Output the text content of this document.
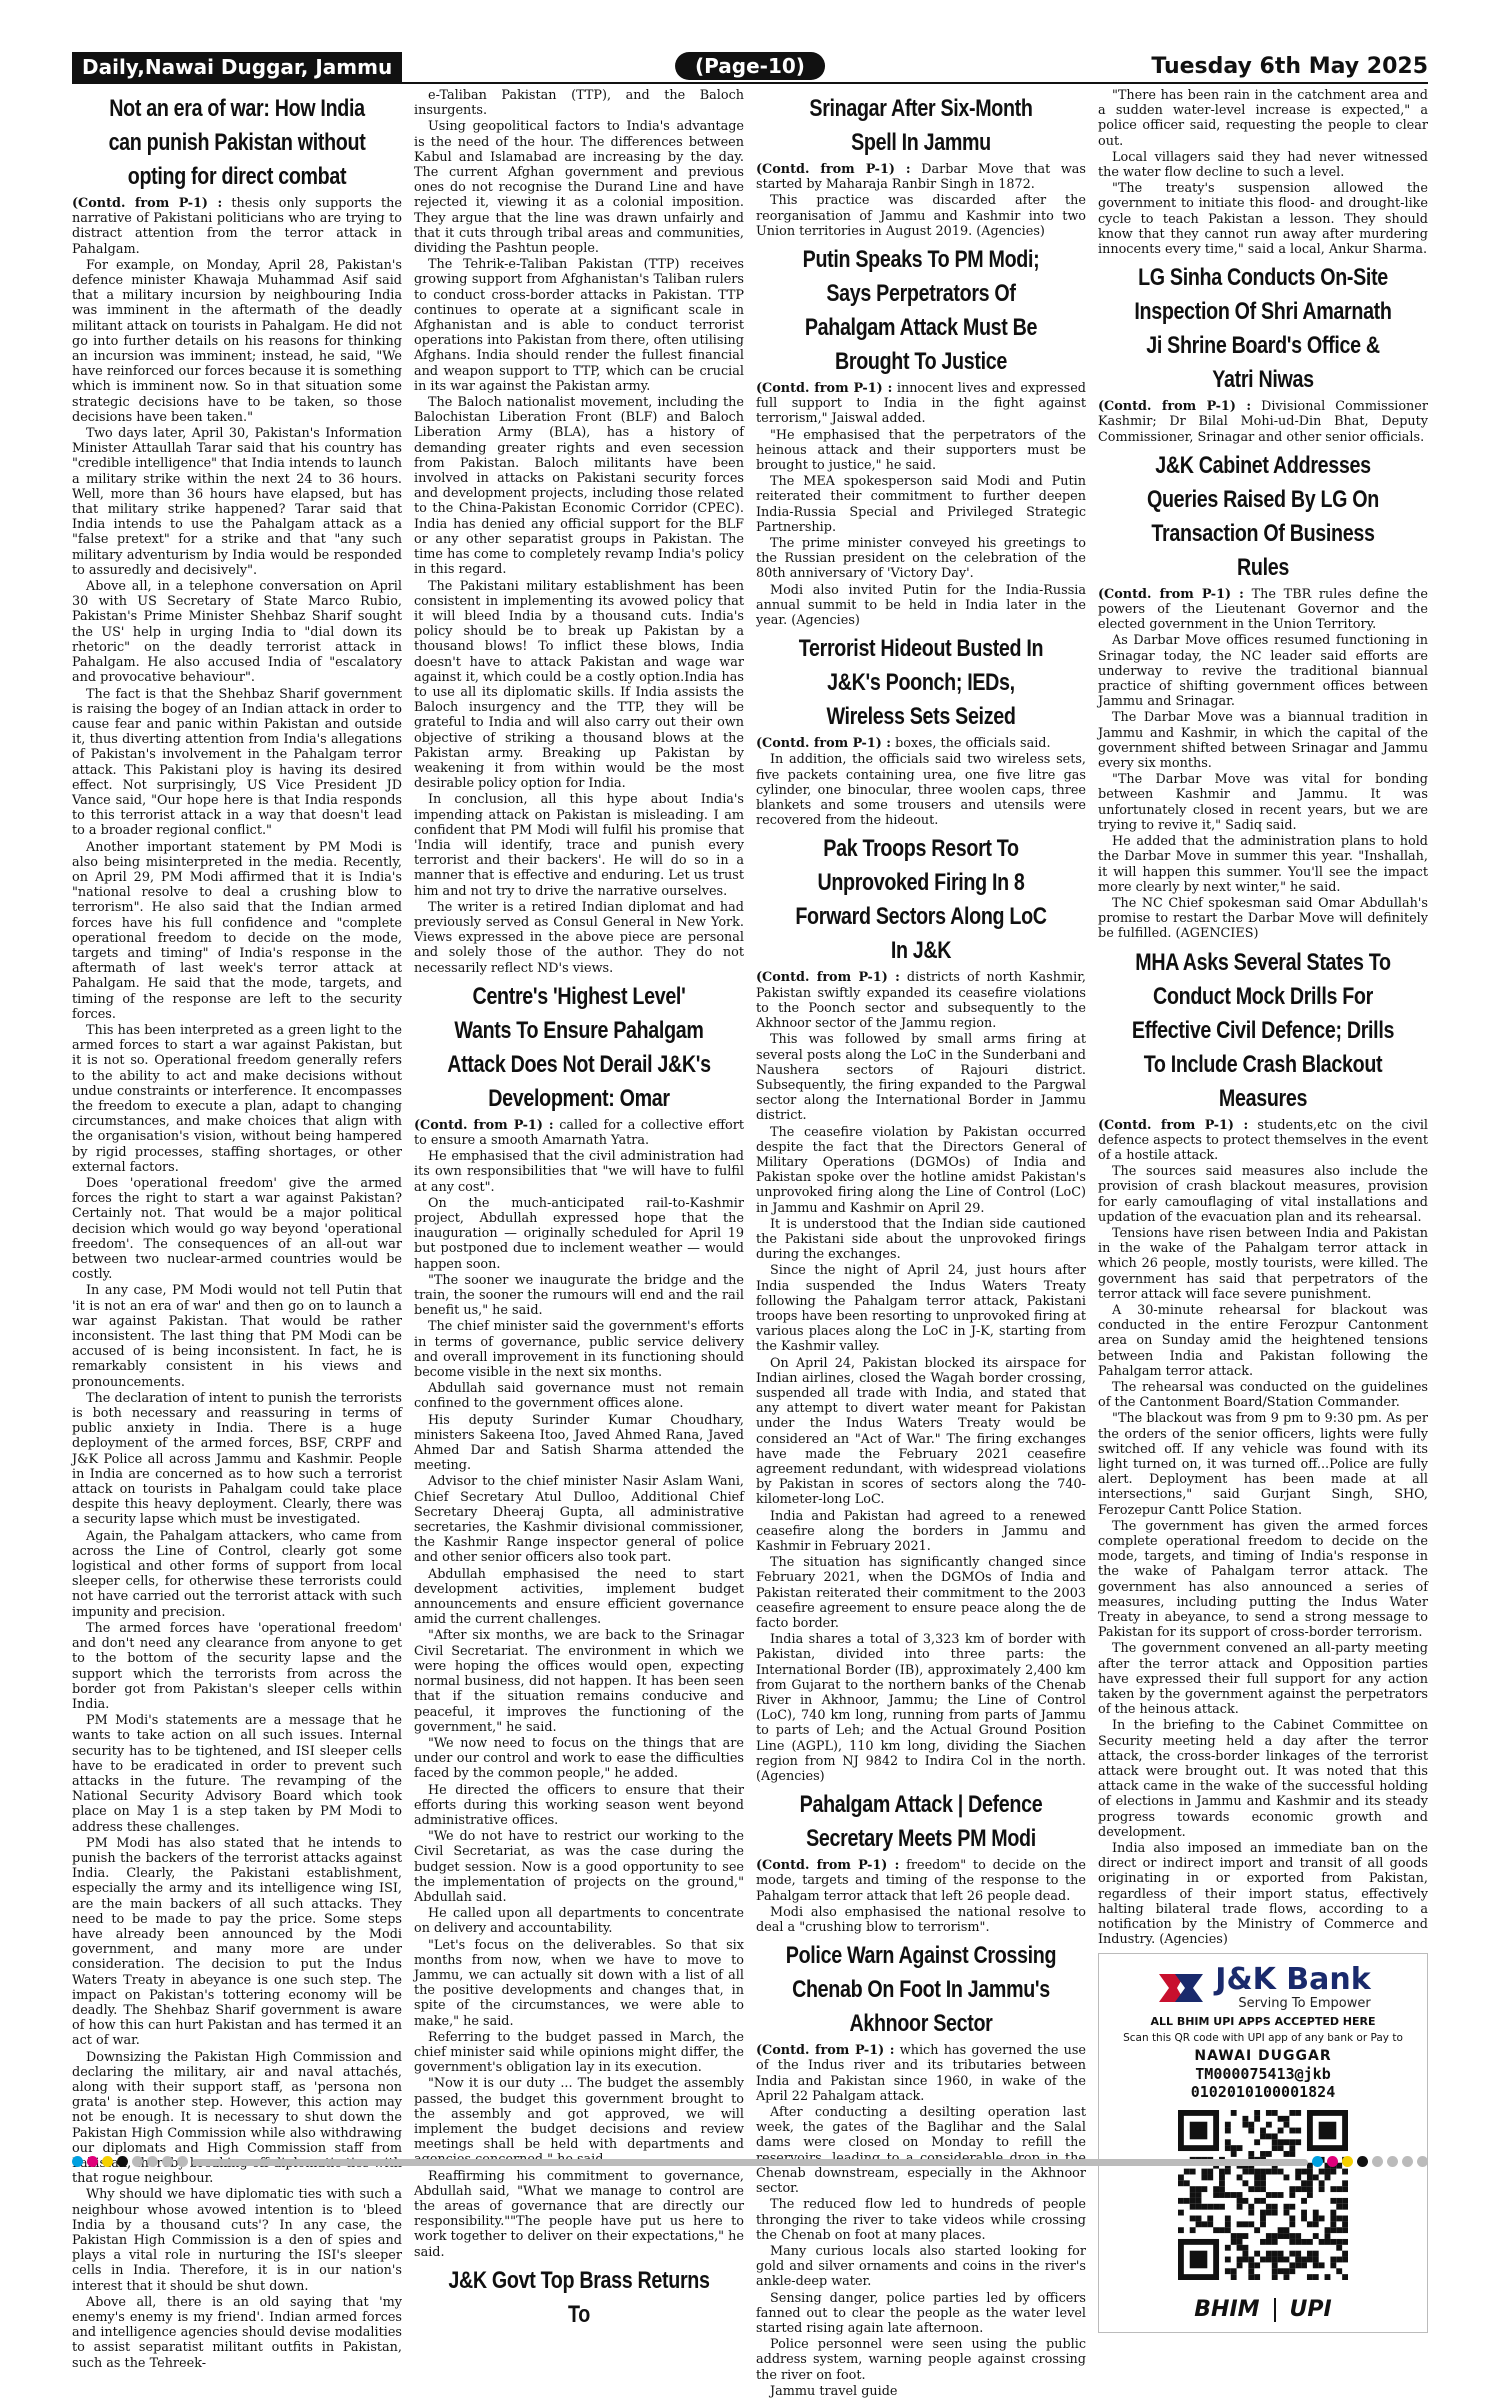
Daily,Nawai Duggar, Jammu	(Page-10)	Tuesday 6th May 2025
Not an era of war: How India can punish Pakistan without opting for direct combat

(Contd. from P-1) : thesis only supports the narrative of Pakistani politicians who are trying to distract attention from the terror attack in Pahalgam.

For example, on Monday, April 28, Pakistan's defence minister Khawaja Muhammad Asif said that a military incursion by neighbouring India was imminent in the aftermath of the deadly militant attack on tourists in Pahalgam. He did not go into further details on his reasons for thinking an incursion was imminent; instead, he said, "We have reinforced our forces because it is something which is imminent now. So in that situation some strategic decisions have to be taken, so those decisions have been taken."

Two days later, April 30, Pakistan's Information Minister Attaullah Tarar said that his country has "credible intelligence" that India intends to launch a military strike within the next 24 to 36 hours. Well, more than 36 hours have elapsed, but has that military strike happened? Tarar said that India intends to use the Pahalgam attack as a "false pretext" for a strike and that "any such military adventurism by India would be responded to assuredly and decisively".

Above all, in a telephone conversation on April 30 with US Secretary of State Marco Rubio, Pakistan's Prime Minister Shehbaz Sharif sought the US' help in urging India to "dial down its rhetoric" on the deadly terrorist attack in Pahalgam. He also accused India of "escalatory and provocative behaviour".

The fact is that the Shehbaz Sharif government is raising the bogey of an Indian attack in order to cause fear and panic within Pakistan and outside it, thus diverting attention from India's allegations of Pakistan's involvement in the Pahalgam terror attack. This Pakistani ploy is having its desired effect. Not surprisingly, US Vice President JD Vance said, "Our hope here is that India responds to this terrorist attack in a way that doesn't lead to a broader regional conflict."

Another important statement by PM Modi is also being misinterpreted in the media. Recently, on April 29, PM Modi affirmed that it is India's "national resolve to deal a crushing blow to terrorism". He also said that the Indian armed forces have his full confidence and "complete operational freedom to decide on the mode, targets and timing" of India's response in the aftermath of last week's terror attack at Pahalgam. He said that the mode, targets, and timing of the response are left to the security forces.

This has been interpreted as a green light to the armed forces to start a war against Pakistan, but it is not so. Operational freedom generally refers to the ability to act and make decisions without undue constraints or interference. It encompasses the freedom to execute a plan, adapt to changing circumstances, and make choices that align with the organisation's vision, without being hampered by rigid processes, staffing shortages, or other external factors.

Does 'operational freedom' give the armed forces the right to start a war against Pakistan? Certainly not. That would be a major political decision which would go way beyond 'operational freedom'. The consequences of an all-out war between two nuclear-armed countries would be costly.

In any case, PM Modi would not tell Putin that 'it is not an era of war' and then go on to launch a war against Pakistan. That would be rather inconsistent. The last thing that PM Modi can be accused of is being inconsistent. In fact, he is remarkably consistent in his views and pronouncements.

The declaration of intent to punish the terrorists is both necessary and reassuring in terms of public anxiety in India. There is a huge deployment of the armed forces, BSF, CRPF and J&K Police all across Jammu and Kashmir. People in India are concerned as to how such a terrorist attack on tourists in Pahalgam could take place despite this heavy deployment. Clearly, there was a security lapse which must be investigated.

Again, the Pahalgam attackers, who came from across the Line of Control, clearly got some logistical and other forms of support from local sleeper cells, for otherwise these terrorists could not have carried out the terrorist attack with such impunity and precision.

The armed forces have 'operational freedom' and don't need any clearance from anyone to get to the bottom of the security lapse and the support which the terrorists from across the border got from Pakistan's sleeper cells within India.

PM Modi's statements are a message that he wants to take action on all such issues. Internal security has to be tightened, and ISI sleeper cells have to be eradicated in order to prevent such attacks in the future. The revamping of the National Security Advisory Board which took place on May 1 is a step taken by PM Modi to address these challenges.

PM Modi has also stated that he intends to punish the backers of the terrorist attacks against India. Clearly, the Pakistani establishment, especially the army and its intelligence wing ISI, are the main backers of all such attacks. They need to be made to pay the price. Some steps have already been announced by the Modi government, and many more are under consideration. The decision to put the Indus Waters Treaty in abeyance is one such step. The impact on Pakistan's tottering economy will be deadly. The Shehbaz Sharif government is aware of how this can hurt Pakistan and has termed it an act of war.

Downsizing the Pakistan High Commission and declaring the military, air and naval attachés, along with their support staff, as 'persona non grata' is another step. However, this action may not be enough. It is necessary to shut down the Pakistan High Commission while also withdrawing our diplomats and High Commission staff from thereby that rogue neighbour.

Why should we have diplomatic ties with such a neighbour whose avowed intention is to 'bleed India by a thousand cuts'? In any case, the Pakistan High Commission is a den of spies and plays a vital role in nurturing the ISI's sleeper cells in India. Therefore, it is in our nation's interest that it should be shut down.

Above all, there is an old saying that 'my enemy's enemy is my friend'. Indian armed forces and intelligence agencies should devise modalities to assist separatist militant outfits in Pakistan, such as the Tehreek-

e-Taliban Pakistan (TTP), and the Baloch insurgents.

Using geopolitical factors to India's advantage is the need of the hour. The differences between Kabul and Islamabad are increasing by the day. The current Afghan government and previous ones do not recognise the Durand Line and have rejected it, viewing it as a colonial imposition. They argue that the line was drawn unfairly and that it cuts through tribal areas and communities, dividing the Pashtun people.

The Tehrik-e-Taliban Pakistan (TTP) receives growing support from Afghanistan's Taliban rulers to conduct cross-border attacks in Pakistan. TTP continues to operate at a significant scale in Afghanistan and is able to conduct terrorist operations into Pakistan from there, often utilising Afghans. India should render the fullest financial and weapon support to TTP, which can be crucial in its war against the Pakistan army.

The Baloch nationalist movement, including the Balochistan Liberation Front (BLF) and Baloch Liberation Army (BLA), has a history of demanding greater rights and even secession from Pakistan. Baloch militants have been involved in attacks on Pakistani security forces and development projects, including those related to the China-Pakistan Economic Corridor (CPEC). India has denied any official support for the BLF or any other separatist groups in Pakistan. The time has come to completely revamp India's policy in this regard.

The Pakistani military establishment has been consistent in implementing its avowed policy that it will bleed India by a thousand cuts. India's policy should be to break up Pakistan by a thousand blows! To inflict these blows, India doesn't have to attack Pakistan and wage war against it, which could be a costly option.India has to use all its diplomatic skills. If India assists the Baloch insurgency and the TTP, they will be grateful to India and will also carry out their own objective of striking a thousand blows at the Pakistan army. Breaking up Pakistan by weakening it from within would be the most desirable policy option for India.

In conclusion, all this hype about India's impending attack on Pakistan is misleading. I am confident that PM Modi will fulfil his promise that 'India will identify, trace and punish every terrorist and their backers'. He will do so in a manner that is effective and enduring. Let us trust him and not try to drive the narrative ourselves.

The writer is a retired Indian diplomat and had previously served as Consul General in New York. Views expressed in the above piece are personal and solely those of the author. They do not necessarily reflect ND's views.

Centre's 'Highest Level' Wants To Ensure Pahalgam Attack Does Not Derail J&K's Development: Omar

(Contd. from P-1) : called for a collective effort to ensure a smooth Amarnath Yatra.

He emphasised that the civil administration had its own responsibilities that "we will have to fulfil at any cost".

On the much-anticipated rail-to-Kashmir project, Abdullah expressed hope that the inauguration — originally scheduled for April 19 but postponed due to inclement weather — would happen soon.

"The sooner we inaugurate the bridge and the train, the sooner the rumours will end and the rail benefit us," he said.

The chief minister said the government's efforts in terms of governance, public service delivery and overall improvement in its functioning should become visible in the next six months.

Abdullah said governance must not remain confined to the government offices alone.

His deputy Surinder Kumar Choudhary, ministers Sakeena Itoo, Javed Ahmed Rana, Javed Ahmed Dar and Satish Sharma attended the meeting.

Advisor to the chief minister Nasir Aslam Wani, Chief Secretary Atul Dulloo, Additional Chief Secretary Dheeraj Gupta, all administrative secretaries, the Kashmir divisional commissioner, the Kashmir Range inspector general of police and other senior officers also took part.

Abdullah emphasised the need to start development activities, implement budget announcements and ensure efficient governance amid the current challenges.

"After six months, we are back to the Srinagar Civil Secretariat. The environment in which we were hoping the offices would open, expecting normal business, did not happen. It has been seen that if the situation remains conducive and peaceful, it improves the functioning of the government," he said.

"We now need to focus on the things that are under our control and work to ease the difficulties faced by the common people," he added.

He directed the officers to ensure that their efforts during this working season went beyond administrative offices.

"We do not have to restrict our working to the Civil Secretariat, as was the case during the budget session. Now is a good opportunity to see the implementation of projects on the ground," Abdullah said.

He called upon all departments to concentrate on delivery and accountability.

"Let's focus on the deliverables. So that six months from now, when we have to move to Jammu, we can actually sit down with a list of all the positive developments and changes that, in spite of the circumstances, we were able to make," he said.

Referring to the budget passed in March, the chief minister said while opinions might differ, the government's obligation lay in its execution.

"Now it is our duty ... The budget the assembly passed, the budget this government brought to the assembly and got approved, we will implement the budget decisions and review meetings shall be held with departments and

Reaffirming his commitment to governance, Abdullah said, "What we manage to control are the areas of governance that are directly our responsibility.""The people have put us here to work together to deliver on their expectations," he said.

J&K Govt Top Brass Returns To
Srinagar After Six-Month Spell In Jammu

(Contd. from P-1) : Darbar Move that was started by Maharaja Ranbir Singh in 1872.

This practice was discarded after the reorganisation of Jammu and Kashmir into two Union territories in August 2019. (Agencies)

Putin Speaks To PM Modi; Says Perpetrators Of Pahalgam Attack Must Be Brought To Justice

(Contd. from P-1) : innocent lives and expressed full support to India in the fight against terrorism," Jaiswal added.

"He emphasised that the perpetrators of the heinous attack and their supporters must be brought to justice," he said.

The MEA spokesperson said Modi and Putin reiterated their commitment to further deepen India-Russia Special and Privileged Strategic Partnership.

The prime minister conveyed his greetings to the Russian president on the celebration of the 80th anniversary of 'Victory Day'.

Modi also invited Putin for the India-Russia annual summit to be held in India later in the year. (Agencies)

Terrorist Hideout Busted In J&K's Poonch; IEDs, Wireless Sets Seized

(Contd. from P-1) : boxes, the officials said.

In addition, the officials said two wireless sets, five packets containing urea, one five litre gas cylinder, one binocular, three woolen caps, three blankets and some trousers and utensils were recovered from the hideout.

Pak Troops Resort To Unprovoked Firing In 8 Forward Sectors Along LoC In J&K

(Contd. from P-1) : districts of north Kashmir, Pakistan swiftly expanded its ceasefire violations to the Poonch sector and subsequently to the Akhnoor sector of the Jammu region.

This was followed by small arms firing at several posts along the LoC in the Sunderbani and Naushera sectors of Rajouri district. Subsequently, the firing expanded to the Pargwal sector along the International Border in Jammu district.

The ceasefire violation by Pakistan occurred despite the fact that the Directors General of Military Operations (DGMOs) of India and Pakistan spoke over the hotline amidst Pakistan's unprovoked firing along the Line of Control (LoC) in Jammu and Kashmir on April 29.

It is understood that the Indian side cautioned the Pakistani side about the unprovoked firings during the exchanges.

Since the night of April 24, just hours after India suspended the Indus Waters Treaty following the Pahalgam terror attack, Pakistani troops have been resorting to unprovoked firing at various places along the LoC in J-K, starting from the Kashmir valley.

On April 24, Pakistan blocked its airspace for Indian airlines, closed the Wagah border crossing, suspended all trade with India, and stated that any attempt to divert water meant for Pakistan under the Indus Waters Treaty would be considered an "Act of War." The firing exchanges have made the February 2021 ceasefire agreement redundant, with widespread violations by Pakistan in scores of sectors along the 740-kilometer-long LoC.

India and Pakistan had agreed to a renewed ceasefire along the borders in Jammu and Kashmir in February 2021.

The situation has significantly changed since February 2021, when the DGMOs of India and Pakistan reiterated their commitment to the 2003 ceasefire agreement to ensure peace along the de facto border.

India shares a total of 3,323 km of border with Pakistan, divided into three parts: the International Border (IB), approximately 2,400 km from Gujarat to the northern banks of the Chenab River in Akhnoor, Jammu; the Line of Control (LoC), 740 km long, running from parts of Jammu to parts of Leh; and the Actual Ground Position Line (AGPL), 110 km long, dividing the Siachen region from NJ 9842 to Indira Col in the north. (Agencies)

Pahalgam Attack | Defence Secretary Meets PM Modi

(Contd. from P-1) : freedom" to decide on the mode, targets and timing of the response to the Pahalgam terror attack that left 26 people dead.

Modi also emphasised the national resolve to deal a "crushing blow to terrorism".

Police Warn Against Crossing Chenab On Foot In Jammu's Akhnoor Sector

(Contd. from P-1) : which has governed the use of the Indus river and its tributaries between India and Pakistan since 1960, in wake of the April 22 Pahalgam attack.

After conducting a desilting operation last week, the gates of the Baglihar and the Salal dams were closed on Monday to refill the Chenab downstream, especially in the Akhnoor sector.

The reduced flow led to hundreds of people thronging the river to take videos while crossing the Chenab on foot at many places.

Many curious locals also started looking for gold and silver ornaments and coins in the river's ankle-deep water.

Sensing danger, police parties led by officers fanned out to clear the people as the water level started rising again late afternoon.

Police personnel were seen using the public address system, warning people against crossing the river on foot.

Jammu travel guide

"There has been rain in the catchment area and a sudden water-level increase is expected," a police officer said, requesting the people to clear out.

Local villagers said they had never witnessed the water flow decline to such a level.

"The treaty's suspension allowed the government to initiate this flood- and drought-like cycle to teach Pakistan a lesson. They should know that they cannot run away after murdering innocents every time," said a local, Ankur Sharma.

LG Sinha Conducts On-Site Inspection Of Shri Amarnath Ji Shrine Board's Office & Yatri Niwas

(Contd. from P-1) : Divisional Commissioner Kashmir; Dr Bilal Mohi-ud-Din Bhat, Deputy Commissioner, Srinagar and other senior officials.

J&K Cabinet Addresses Queries Raised By LG On Transaction Of Business Rules

(Contd. from P-1) : The TBR rules define the powers of the Lieutenant Governor and the elected government in the Union Territory.

As Darbar Move offices resumed functioning in Srinagar today, the NC leader said efforts are underway to revive the traditional biannual practice of shifting government offices between Jammu and Srinagar.

The Darbar Move was a biannual tradition in Jammu and Kashmir, in which the capital of the government shifted between Srinagar and Jammu every six months.

"The Darbar Move was vital for bonding between Kashmir and Jammu. It was unfortunately closed in recent years, but we are trying to revive it," Sadiq said.

He added that the administration plans to hold the Darbar Move in summer this year. "Inshallah, it will happen this summer. You'll see the impact more clearly by next winter," he said.

The NC Chief spokesman said Omar Abdullah's promise to restart the Darbar Move will definitely be fulfilled. (AGENCIES)

MHA Asks Several States To Conduct Mock Drills For Effective Civil Defence; Drills To Include Crash Blackout Measures

(Contd. from P-1) : students,etc on the civil defence aspects to protect themselves in the event of a hostile attack.

The sources said measures also include the provision of crash blackout measures, provision for early camouflaging of vital installations and updation of the evacuation plan and its rehearsal.

Tensions have risen between India and Pakistan in the wake of the Pahalgam terror attack in which 26 people, mostly tourists, were killed. The government has said that perpetrators of the terror attack will face severe punishment.

A 30-minute rehearsal for blackout was conducted in the entire Ferozpur Cantonment area on Sunday amid the heightened tensions between India and Pakistan following the Pahalgam terror attack.

The rehearsal was conducted on the guidelines of the Cantonment Board/Station Commander.

"The blackout was from 9 pm to 9:30 pm. As per the orders of the senior officers, lights were fully switched off. If any vehicle was found with its light turned on, it was turned off...Police are fully alert. Deployment has been made at all intersections," said Gurjant Singh, SHO, Ferozepur Cantt Police Station.

The government has given the armed forces complete operational freedom to decide on the mode, targets, and timing of India's response in the wake of Pahalgam terror attack. The government has also announced a series of measures, including putting the Indus Water Treaty in abeyance, to send a strong message to Pakistan for its support of cross-border terrorism.

The government convened an all-party meeting after the terror attack and Opposition parties have expressed their full support for any action taken by the government against the perpetrators of the heinous attack.

In the briefing to the Cabinet Committee on Security meeting held a day after the terror attack, the cross-border linkages of the terrorist attack were brought out. It was noted that this attack came in the wake of the successful holding of elections in Jammu and Kashmir and its steady progress towards economic growth and development.

India also imposed an immediate ban on the direct or indirect import and transit of all goods originating in or exported from Pakistan, regardless of their import status, effectively halting bilateral trade flows, according to a notification by the Ministry of Commerce and Industry. (Agencies)

J&K Bank
Serving To Empower
ALL BHIM UPI APPS ACCEPTED HERE
Scan this QR code with UPI app of any bank or Pay to
NAWAI DUGGAR
TM000075413@jkb
0102010100001824
BHIM UPI
